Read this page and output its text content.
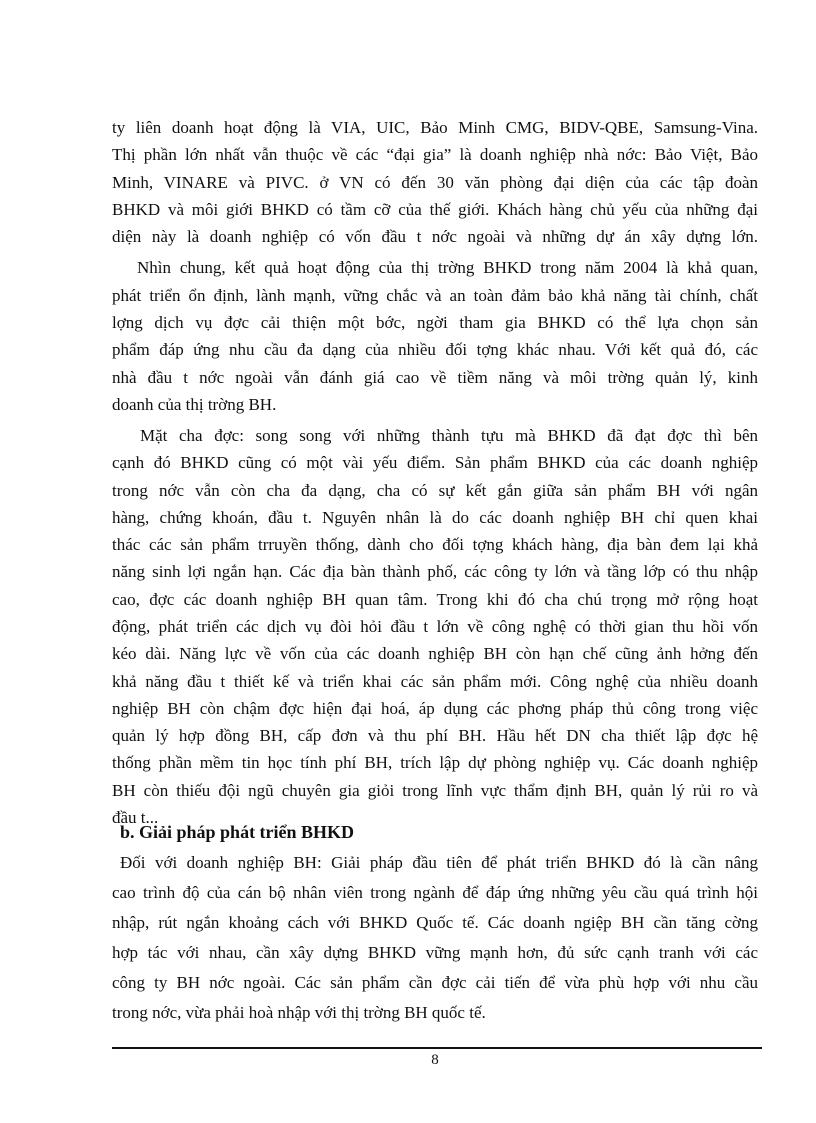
ty liên doanh hoạt động là VIA, UIC, Bảo Minh CMG, BIDV-QBE, Samsung-Vina.
Thị phần lớn nhất vẫn thuộc về các “đại gia” là doanh nghiệp nhà nớc: Bảo Việt, Bảo
Minh, VINARE và PIVC. ở VN có đến 30 văn phòng đại diện của các tập đoàn
BHKD và môi giới BHKD có tầm cỡ của thế giới. Khách hàng chủ yếu của những đại
diện này là doanh nghiệp có vốn đầu t nớc ngoài và những dự án xây dựng lớn.
Nhìn chung, kết quả hoạt động của thị trờng BHKD trong năm 2004 là khả quan,
phát triển ổn định, lành mạnh, vững chắc và an toàn đảm bảo khả năng tài chính, chất
lợng dịch vụ đợc cải thiện một bớc, ngời tham gia BHKD có thể lựa chọn sản
phẩm đáp ứng nhu cầu đa dạng của nhiều đối tợng khác nhau. Với kết quả đó, các
nhà đầu t nớc ngoài vẫn đánh giá cao về tiềm năng và môi trờng quản lý, kinh
doanh của thị trờng BH.
Mặt cha đợc: song song với những thành tựu mà BHKD đã đạt đợc thì bên
cạnh đó BHKD cũng có một vài yếu điểm. Sản phẩm BHKD của các doanh nghiệp
trong nớc vẫn còn cha đa dạng, cha có sự kết gắn giữa sản phẩm BH với ngân
hàng, chứng khoán, đầu t. Nguyên nhân là do các doanh nghiệp BH chỉ quen khai
thác các sản phẩm trruyền thống, dành cho đối tợng khách hàng, địa bàn đem lại khả
năng sinh lợi ngắn hạn. Các địa bàn thành phố, các công ty lớn và tầng lớp có thu nhập
cao, đợc các doanh nghiệp BH quan tâm. Trong khi đó cha chú trọng mở rộng hoạt
động, phát triển các dịch vụ đòi hỏi đầu t lớn về công nghệ có thời gian thu hồi vốn
kéo dài. Năng lực về vốn của các doanh nghiệp BH còn hạn chế cũng ảnh hởng đến
khả năng đầu t thiết kế và triển khai các sản phẩm mới. Công nghệ của nhiều doanh
nghiệp BH còn chậm đợc hiện đại hoá, áp dụng các phơng pháp thủ công trong việc
quản lý hợp đồng BH, cấp đơn và thu phí BH. Hầu hết DN cha thiết lập đợc hệ
thống phần mềm tin học tính phí BH, trích lập dự phòng nghiệp vụ. Các doanh nghiệp
BH còn thiếu đội ngũ chuyên gia giỏi trong lĩnh vực thẩm định BH, quản lý rủi ro và
đầu t...
8
b. Giải pháp phát triển BHKD
Đối với doanh nghiệp BH: Giải pháp đầu tiên để phát triển BHKD đó là cần nâng
cao trình độ của cán bộ nhân viên trong ngành để đáp ứng những yêu cầu quá trình hội
nhập, rút ngắn khoảng cách với BHKD Quốc tế. Các doanh ngiệp BH cần tăng cờng
hợp tác với nhau, cần xây dựng BHKD vững mạnh hơn, đủ sức cạnh tranh với các
công ty BH nớc ngoài. Các sản phẩm cần đợc cải tiến để vừa phù hợp với nhu cầu
trong nớc, vừa phải hoà nhập với thị trờng BH quốc tế.
